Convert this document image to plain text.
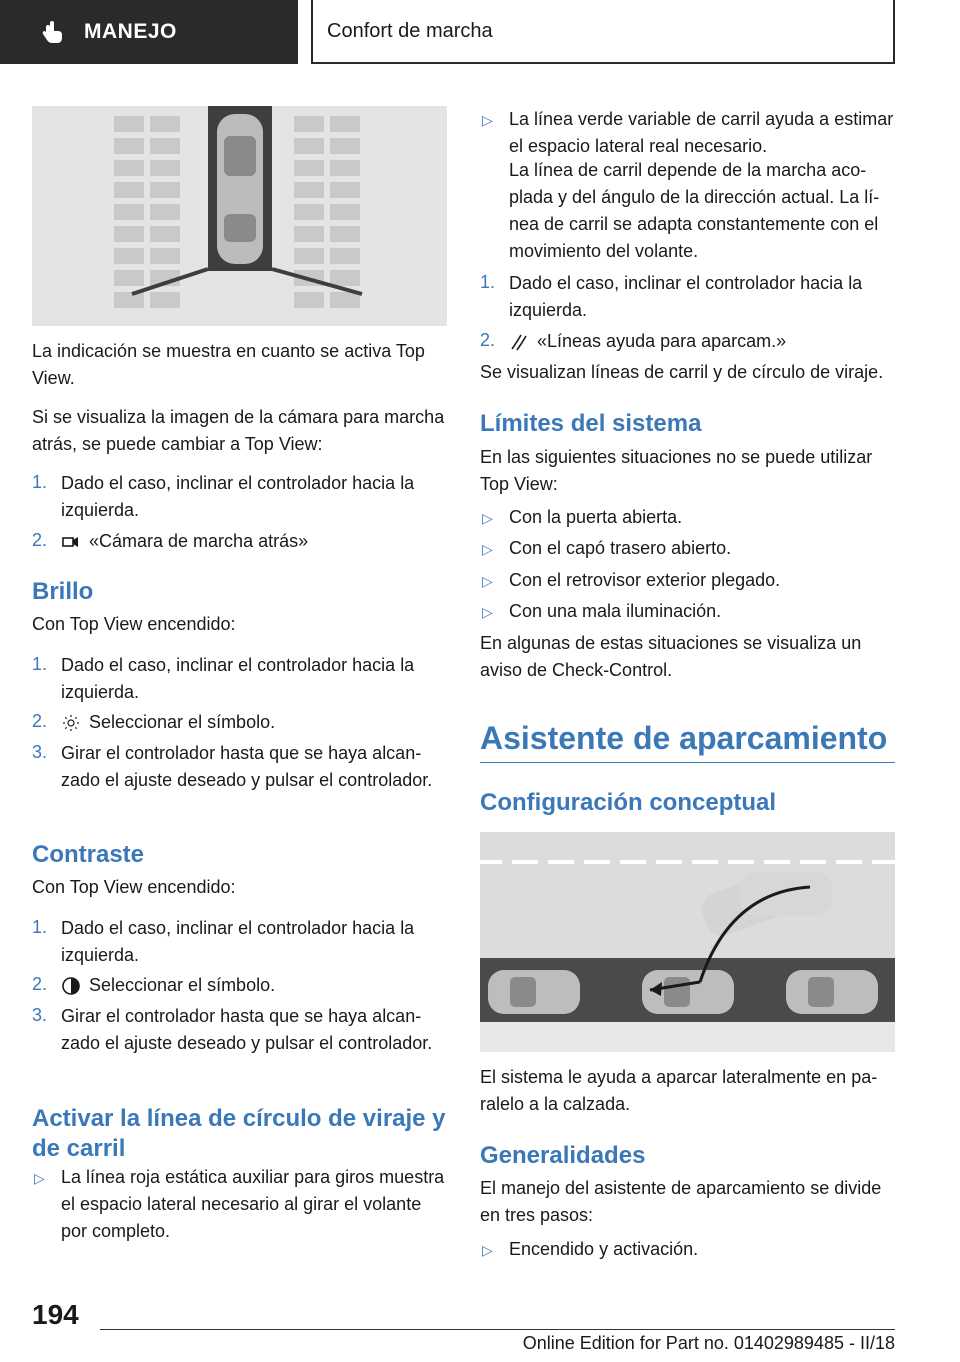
MANEJO	Confort de marcha

La indicación se muestra en cuanto se activa Top View.

Si se visualiza la imagen de la cámara para marcha atrás, se puede cambiar a Top View:

1. Dado el caso, inclinar el controlador hacia la izquierda.
2.	«Cámara de marcha atrás»
Brillo

Con Top View encendido:

1. Dado el caso, inclinar el controlador hacia la izquierda.
2.	Seleccionar el símbolo.
3. Girar el controlador hasta que se haya alcanzado el ajuste deseado y pulsar el controlador.
Contraste

Con Top View encendido:

1. Dado el caso, inclinar el controlador hacia la izquierda.
2.	Seleccionar el símbolo.
3. Girar el controlador hasta que se haya alcanzado el ajuste deseado y pulsar el controlador.
Activar la línea de círculo de viraje y de carril
▷ La línea roja estática auxiliar para giros muestra el espacio lateral necesario al girar el volante por completo.
▷ La línea verde variable de carril ayuda a estimar el espacio lateral real necesario.
La línea de carril depende de la marcha acoplada y del ángulo de la dirección actual. La línea de carril se adapta constantemente con el movimiento del volante.
1. Dado el caso, inclinar el controlador hacia la izquierda.
2.	«Líneas ayuda para aparcam.»

Se visualizan líneas de carril y de círculo de viraje.

Límites del sistema

En las siguientes situaciones no se puede utilizar Top View:

▷ Con la puerta abierta.
▷ Con el capó trasero abierto.
▷ Con el retrovisor exterior plegado.
▷ Con una mala iluminación.

En algunas de estas situaciones se visualiza un aviso de Check-Control.

Asistente de aparcamiento
Configuración conceptual

El sistema le ayuda a aparcar lateralmente en paralelo a la calzada.

Generalidades

El manejo del asistente de aparcamiento se divide en tres pasos:

▷ Encendido y activación.
194
Online Edition for Part no. 01402989485 - II/18
